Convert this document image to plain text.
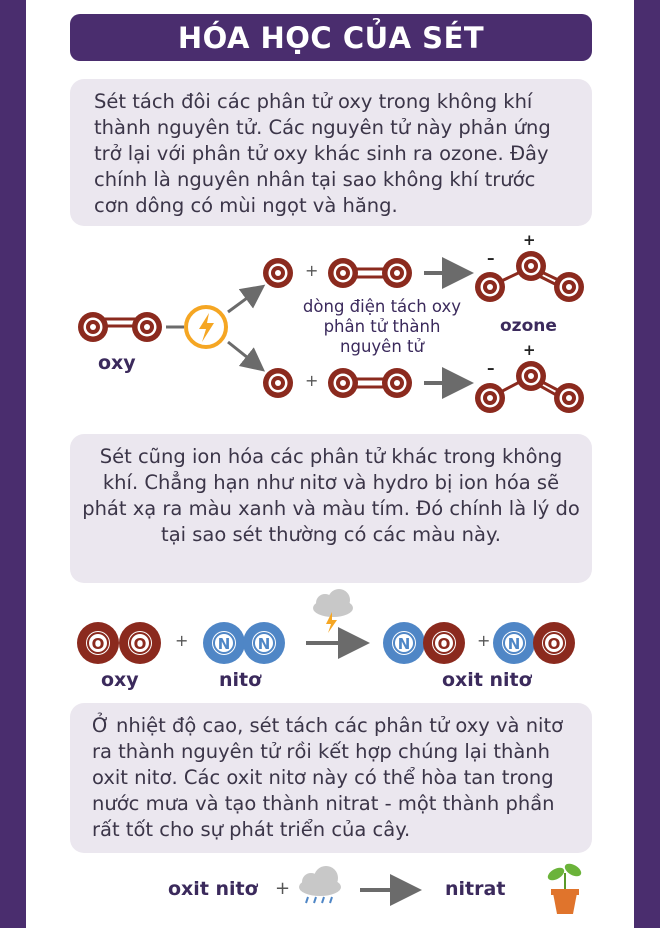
HÓA HỌC CỦA SÉT
Sét tách đôi các phân tử oxy trong không khí thành nguyên tử. Các nguyên tử này phản ứng trở lại với phân tử oxy khác sinh ra ozone. Đây chính là nguyên nhân tại sao không khí trước cơn dông có mùi ngọt và hăng.
Sét cũng ion hóa các phân tử khác trong không khí. Chẳng hạn như nitơ và hydro bị ion hóa sẽ phát xạ ra màu xanh và màu tím. Đó chính là lý do tại sao sét thường có các màu này.
Ở nhiệt độ cao, sét tách các phân tử oxy và nitơ ra thành nguyên tử rồi kết hợp chúng lại thành oxit nitơ. Các oxit nitơ này có thể hòa tan trong nước mưa và tạo thành nitrat - một thành phần rất tốt cho sự phát triển của cây.
O O	N N	N O	N O
oxy
dòng điện tách oxy phân tử thành nguyên tử
ozone
+
+
+
–
+
–
oxy	nitơ	oxit nitơ
+	+
oxit nitơ +	nitrat
